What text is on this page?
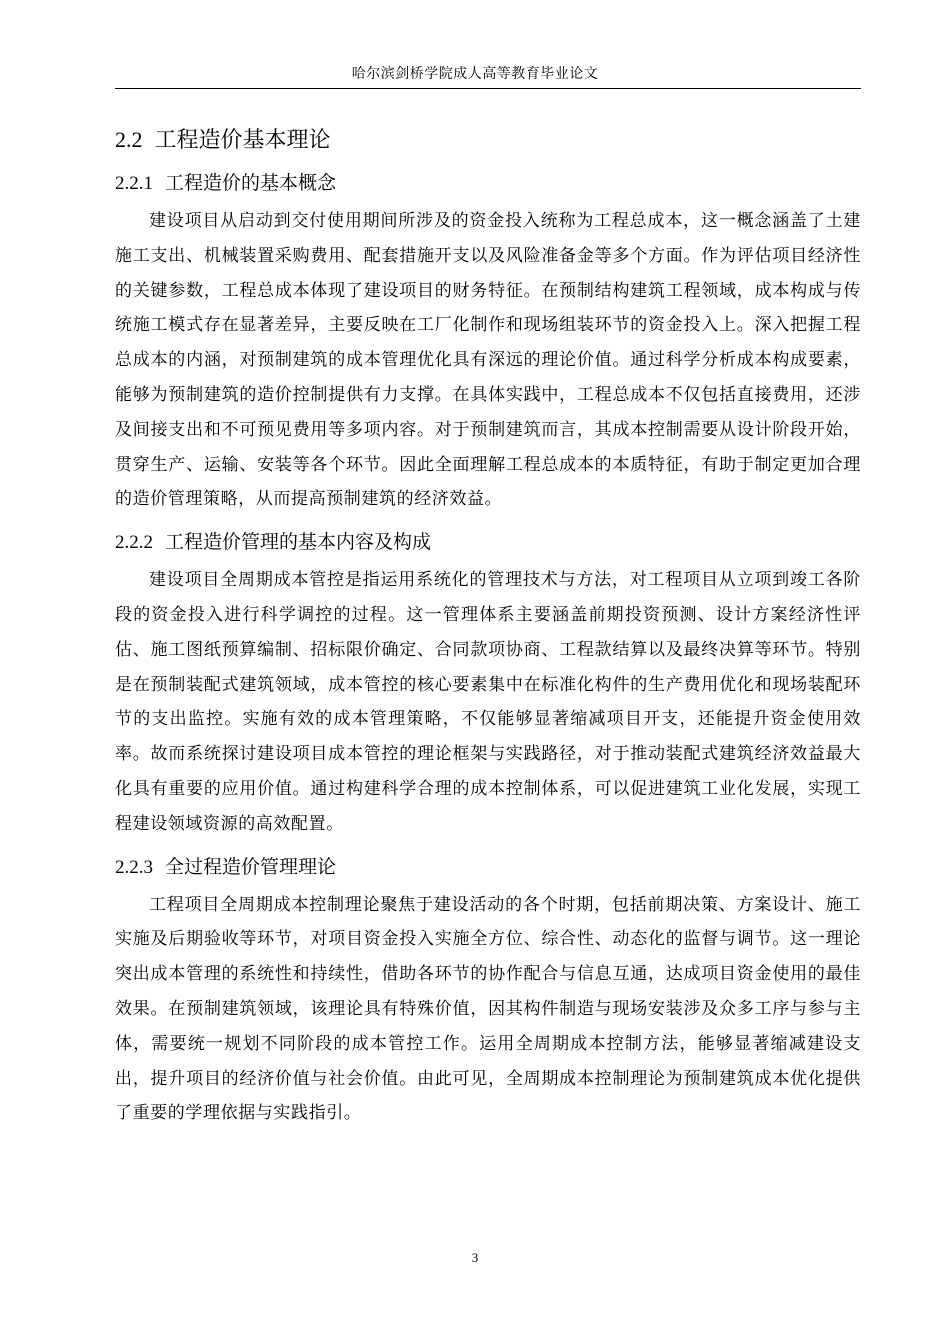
哈尔滨剑桥学院成人高等教育毕业论文
2.2 工程造价基本理论
2.2.1 工程造价的基本概念

建设项目从启动到交付使用期间所涉及的资金投入统称为工程总成本，这一概念涵盖了土建施工支出、机械装置采购费用、配套措施开支以及风险准备金等多个方面。作为评估项目经济性的关键参数，工程总成本体现了建设项目的财务特征。在预制结构建筑工程领域，成本构成与传统施工模式存在显著差异，主要反映在工厂化制作和现场组装环节的资金投入上。深入把握工程总成本的内涵，对预制建筑的成本管理优化具有深远的理论价值。通过科学分析成本构成要素，能够为预制建筑的造价控制提供有力支撑。在具体实践中，工程总成本不仅包括直接费用，还涉及间接支出和不可预见费用等多项内容。对于预制建筑而言，其成本控制需要从设计阶段开始，贯穿生产、运输、安装等各个环节。因此全面理解工程总成本的本质特征，有助于制定更加合理的造价管理策略，从而提高预制建筑的经济效益。

2.2.2 工程造价管理的基本内容及构成

建设项目全周期成本管控是指运用系统化的管理技术与方法，对工程项目从立项到竣工各阶段的资金投入进行科学调控的过程。这一管理体系主要涵盖前期投资预测、设计方案经济性评估、施工图纸预算编制、招标限价确定、合同款项协商、工程款结算以及最终决算等环节。特别是在预制装配式建筑领域，成本管控的核心要素集中在标准化构件的生产费用优化和现场装配环节的支出监控。实施有效的成本管理策略，不仅能够显著缩减项目开支，还能提升资金使用效率。故而系统探讨建设项目成本管控的理论框架与实践路径，对于推动装配式建筑经济效益最大化具有重要的应用价值。通过构建科学合理的成本控制体系，可以促进建筑工业化发展，实现工程建设领域资源的高效配置。

2.2.3 全过程造价管理理论

工程项目全周期成本控制理论聚焦于建设活动的各个时期，包括前期决策、方案设计、施工实施及后期验收等环节，对项目资金投入实施全方位、综合性、动态化的监督与调节。这一理论突出成本管理的系统性和持续性，借助各环节的协作配合与信息互通，达成项目资金使用的最佳效果。在预制建筑领域，该理论具有特殊价值，因其构件制造与现场安装涉及众多工序与参与主体，需要统一规划不同阶段的成本管控工作。运用全周期成本控制方法，能够显著缩减建设支出，提升项目的经济价值与社会价值。由此可见，全周期成本控制理论为预制建筑成本优化提供了重要的学理依据与实践指引。

3
